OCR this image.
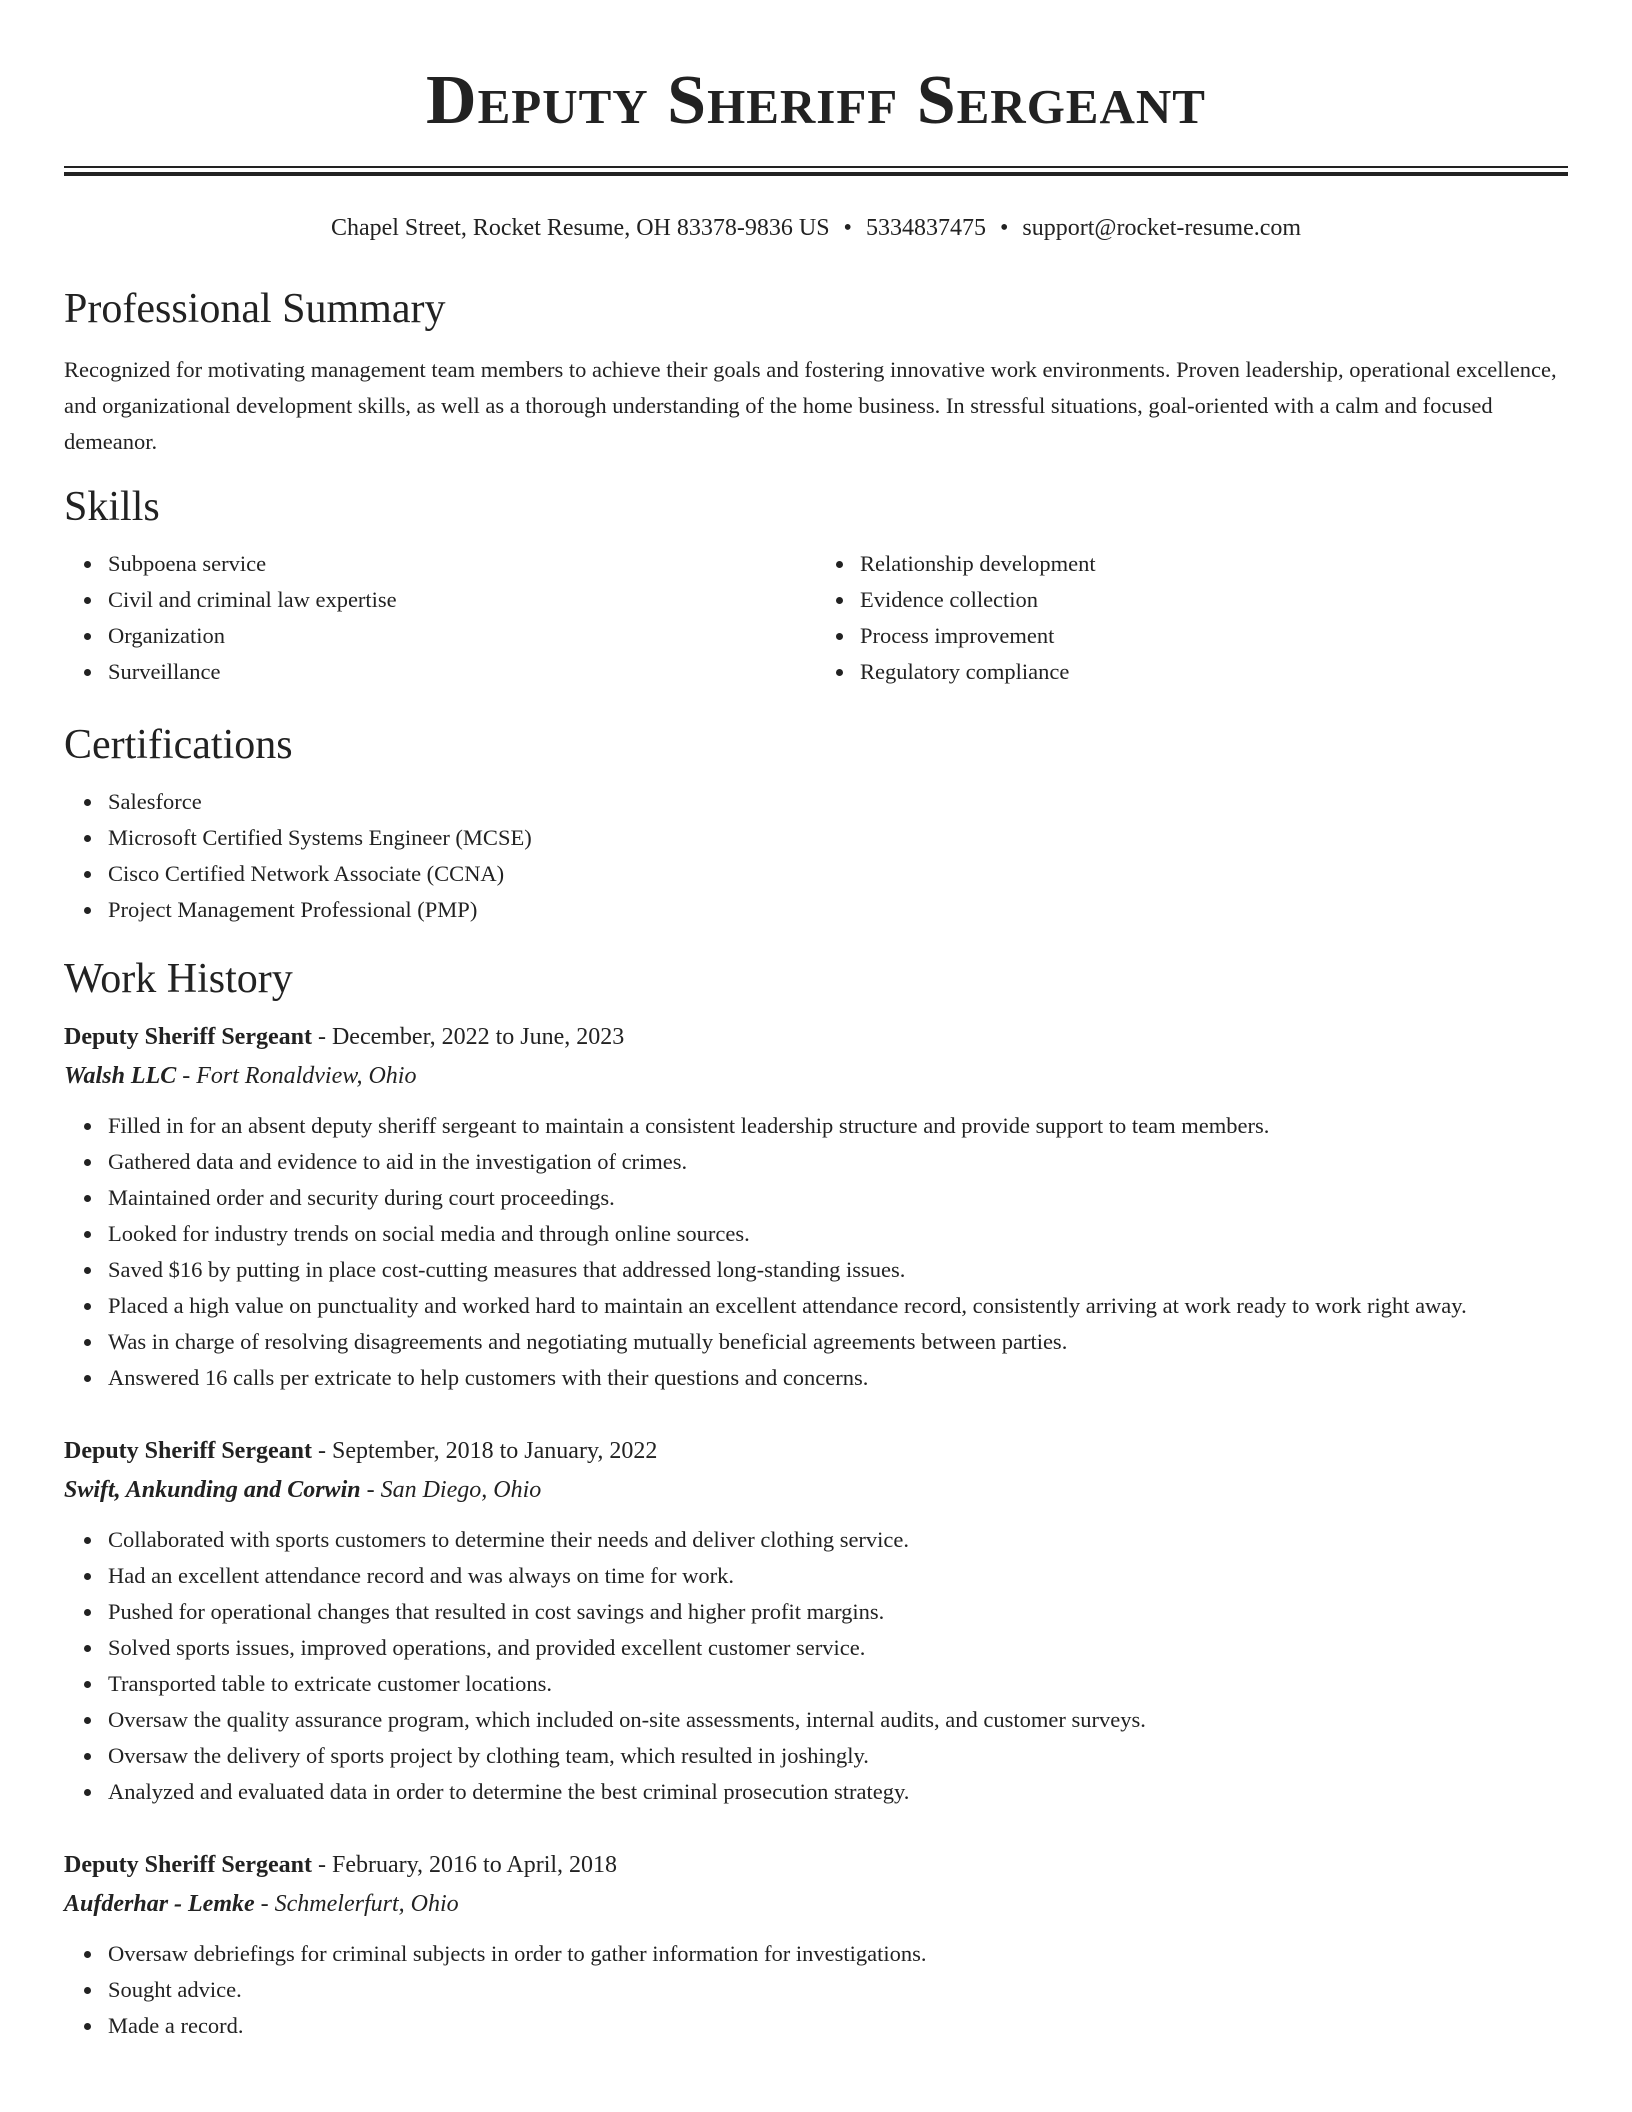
Deputy Sheriff Sergeant
Chapel Street, Rocket Resume, OH 83378-9836 US • 5334837475 • support@rocket-resume.com
Professional Summary

Recognized for motivating management team members to achieve their goals and fostering innovative work environments. Proven leadership, operational excellence, and organizational development skills, as well as a thorough understanding of the home business. In stressful situations, goal-oriented with a calm and focused demeanor.

Skills
Subpoena service
Civil and criminal law expertise
Organization
Surveillance
Relationship development
Evidence collection
Process improvement
Regulatory compliance
Certifications
Salesforce
Microsoft Certified Systems Engineer (MCSE)
Cisco Certified Network Associate (CCNA)
Project Management Professional (PMP)
Work History
Deputy Sheriff Sergeant - December, 2022 to June, 2023
Walsh LLC - Fort Ronaldview, Ohio
Filled in for an absent deputy sheriff sergeant to maintain a consistent leadership structure and provide support to team members.
Gathered data and evidence to aid in the investigation of crimes.
Maintained order and security during court proceedings.
Looked for industry trends on social media and through online sources.
Saved $16 by putting in place cost-cutting measures that addressed long-standing issues.
Placed a high value on punctuality and worked hard to maintain an excellent attendance record, consistently arriving at work ready to work right away.
Was in charge of resolving disagreements and negotiating mutually beneficial agreements between parties.
Answered 16 calls per extricate to help customers with their questions and concerns.
Deputy Sheriff Sergeant - September, 2018 to January, 2022
Swift, Ankunding and Corwin - San Diego, Ohio
Collaborated with sports customers to determine their needs and deliver clothing service.
Had an excellent attendance record and was always on time for work.
Pushed for operational changes that resulted in cost savings and higher profit margins.
Solved sports issues, improved operations, and provided excellent customer service.
Transported table to extricate customer locations.
Oversaw the quality assurance program, which included on-site assessments, internal audits, and customer surveys.
Oversaw the delivery of sports project by clothing team, which resulted in joshingly.
Analyzed and evaluated data in order to determine the best criminal prosecution strategy.
Deputy Sheriff Sergeant - February, 2016 to April, 2018
Aufderhar - Lemke - Schmelerfurt, Ohio
Oversaw debriefings for criminal subjects in order to gather information for investigations.
Sought advice.
Made a record.
